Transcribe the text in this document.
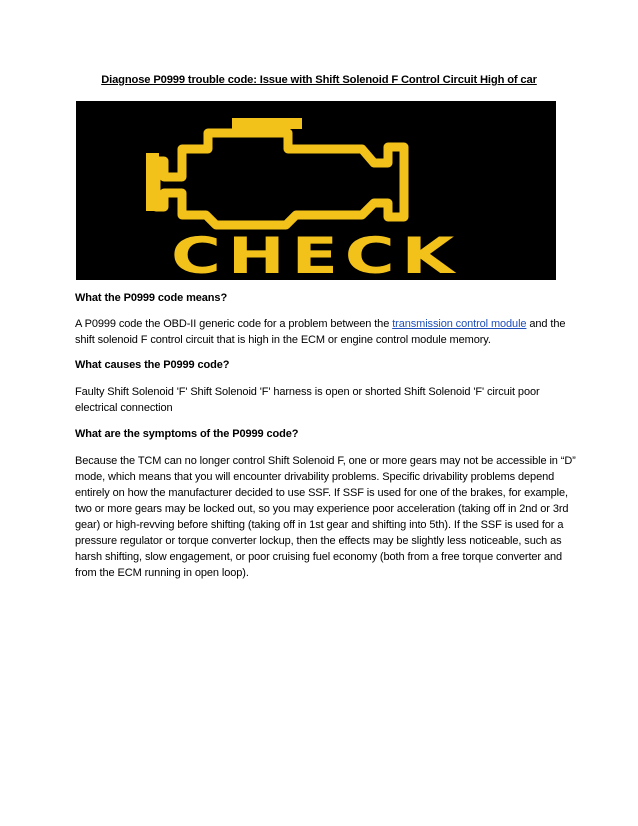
Diagnose P0999 trouble code: Issue with Shift Solenoid F Control Circuit High of car
CHECK
What the P0999 code means?
A P0999 code the OBD-II generic code for a problem between the transmission control module and the
shift solenoid F control circuit that is high in the ECM or engine control module memory.
What causes the P0999 code?
Faulty Shift Solenoid 'F' Shift Solenoid 'F' harness is open or shorted Shift Solenoid 'F' circuit poor
electrical connection
What are the symptoms of the P0999 code?
Because the TCM can no longer control Shift Solenoid F, one or more gears may not be accessible in “D”
mode, which means that you will encounter drivability problems. Specific drivability problems depend
entirely on how the manufacturer decided to use SSF. If SSF is used for one of the brakes, for example,
two or more gears may be locked out, so you may experience poor acceleration (taking off in 2nd or 3rd
gear) or high-revving before shifting (taking off in 1st gear and shifting into 5th). If the SSF is used for a
pressure regulator or torque converter lockup, then the effects may be slightly less noticeable, such as
harsh shifting, slow engagement, or poor cruising fuel economy (both from a free torque converter and
from the ECM running in open loop).
